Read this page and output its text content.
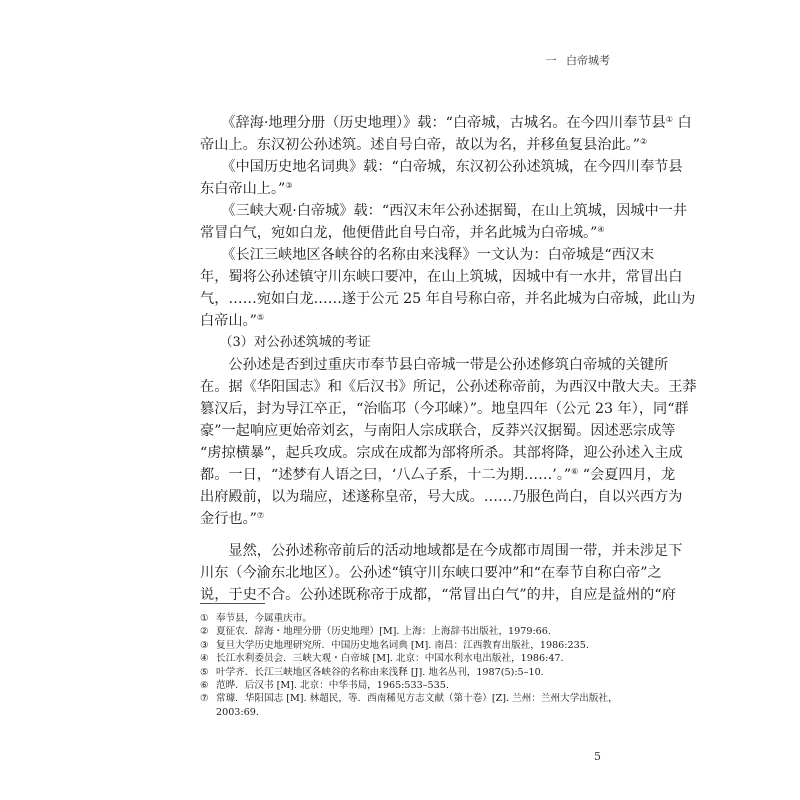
一 白帝城考
　　《辞海·地理分册（历史地理）》载：“白帝城，古城名。在今四川奉节县① 白
帝山上。东汉初公孙述筑。述自号白帝，故以为名，并移鱼复县治此。”②
　　《中国历史地名词典》载：“白帝城，东汉初公孙述筑城，在今四川奉节县
东白帝山上。”③
　　《三峡大观·白帝城》载：“西汉末年公孙述据蜀，在山上筑城，因城中一井
常冒白气，宛如白龙，他便借此自号白帝，并名此城为白帝城。”④
　　《长江三峡地区各峡谷的名称由来浅释》一文认为：白帝城是“西汉末
年，蜀将公孙述镇守川东峡口要冲，在山上筑城，因城中有一水井，常冒出白
气，……宛如白龙……遂于公元 25 年自号称白帝，并名此城为白帝城，此山为
白帝山。”⑤
　　（3）对公孙述筑城的考证
　　公孙述是否到过重庆市奉节县白帝城一带是公孙述修筑白帝城的关键所
在。据《华阳国志》和《后汉书》所记，公孙述称帝前，为西汉中散大夫。王莽
篡汉后，封为导江卒正，“治临邛（今邛崃）”。地皇四年（公元 23 年），同“群
豪”一起响应更始帝刘玄，与南阳人宗成联合，反莽兴汉据蜀。因述恶宗成等
“虏掠横暴”，起兵攻成。宗成在成都为部将所杀。其部将降，迎公孙述入主成
都。一日，“述梦有人语之曰，‘八厶子系，十二为期……’。”⑥ “会夏四月，龙
出府殿前，以为瑞应，述遂称皇帝，号大成。……乃服色尚白，自以兴西方为
金行也。”⑦
　　显然，公孙述称帝前后的活动地域都是在今成都市周围一带，并未涉足下
川东（今渝东北地区）。公孙述“镇守川东峡口要冲”和“在奉节自称白帝”之
说，于史不合。公孙述既称帝于成都，“常冒出白气”的井，自应是益州的“府
① 奉节县，今属重庆市。
② 夏征农．辞海・地理分册（历史地理）[M]. 上海：上海辞书出版社，1979:66.
③ 复旦大学历史地理研究所．中国历史地名词典 [M]. 南昌：江西教育出版社，1986:235.
④ 长江水利委员会．三峡大观・白帝城 [M]. 北京：中国水利水电出版社，1986:47.
⑤ 叶学齐．长江三峡地区各峡谷的名称由来浅释 [J]. 地名丛刊，1987(5):5–10.
⑥ 范晔．后汉书 [M]. 北京：中华书局，1965:533–535.
⑦ 常璩．华阳国志 [M]. 林超民，等．西南稀见方志文献（第十卷）[Z]. 兰州：兰州大学出版社，
2003:69.
5
